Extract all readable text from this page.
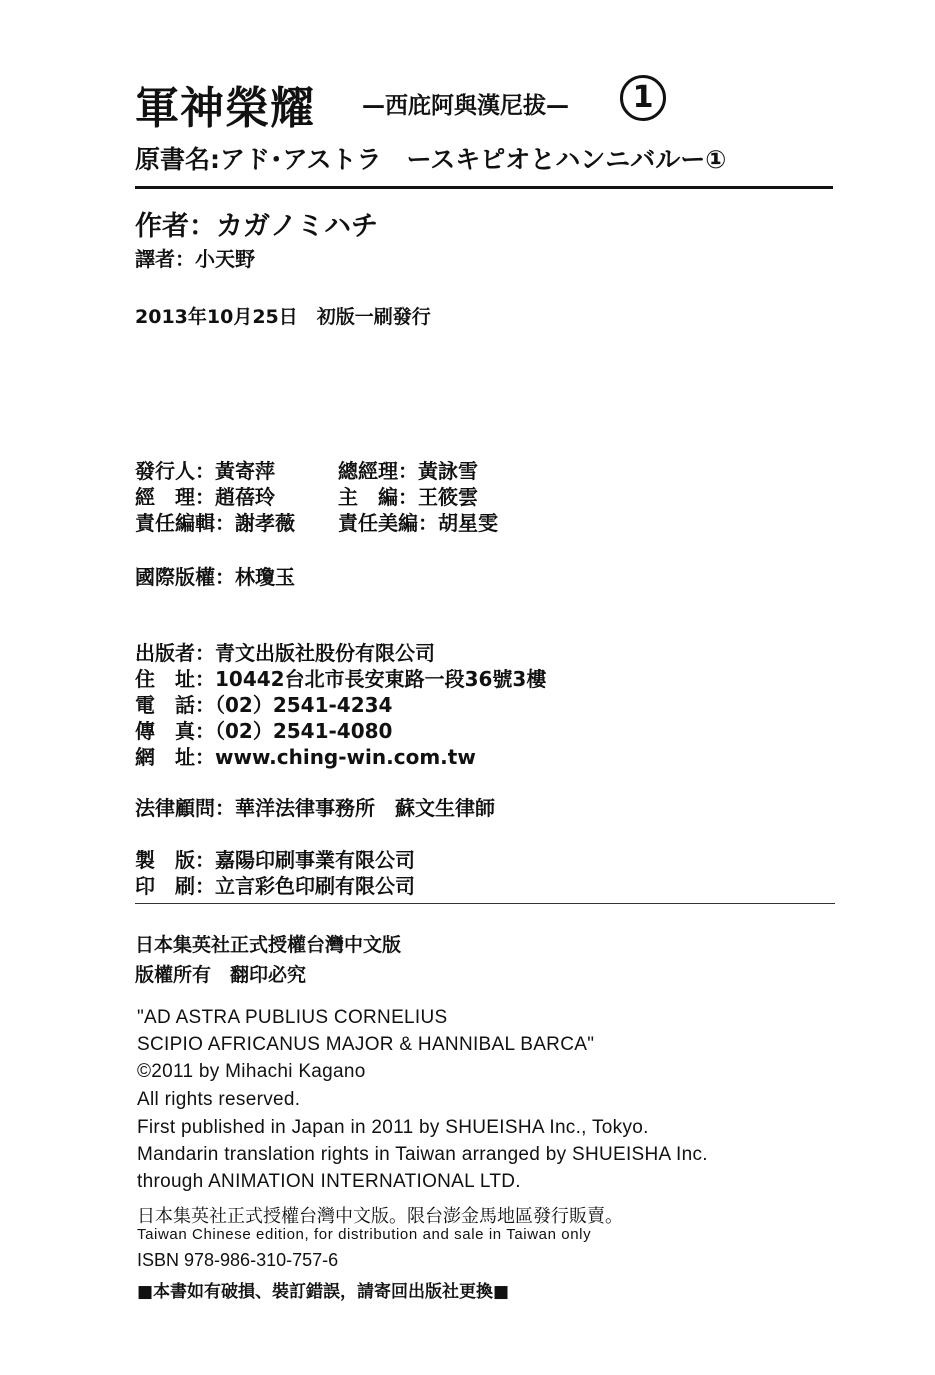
軍神榮耀 —西庇阿與漢尼拔—	1
原書名:アド･アストラ　ースキピオとハンニバルー①
作者：カガノミハチ
譯者：小天野
2013年10月25日　初版一刷發行
發行人：黃寄萍	總經理：黃詠雪
經　理：趙蓓玲	主　編：王筱雲
責任編輯：謝孝薇 責任美編：胡星雯
國際版權：林瓊玉
出版者：青文出版社股份有限公司
住　址：10442台北市長安東路一段36號3樓
電　話：（02）2541-4234
傳　真：（02）2541-4080
網　址：www.ching-win.com.tw
法律顧問：華洋法律事務所　蘇文生律師
製　版：嘉陽印刷事業有限公司
印　刷：立言彩色印刷有限公司
日本集英社正式授權台灣中文版
版權所有　翻印必究
"AD ASTRA PUBLIUS CORNELIUS
SCIPIO AFRICANUS MAJOR & HANNIBAL BARCA"
©2011 by Mihachi Kagano
All rights reserved.
First published in Japan in 2011 by SHUEISHA Inc., Tokyo.
Mandarin translation rights in Taiwan arranged by SHUEISHA Inc.
through ANIMATION INTERNATIONAL LTD.
日本集英社正式授權台灣中文版。限台澎金馬地區發行販賣。
Taiwan Chinese edition, for distribution and sale in Taiwan only
ISBN 978-986-310-757-6
■本書如有破損、裝訂錯誤，請寄回出版社更換■
